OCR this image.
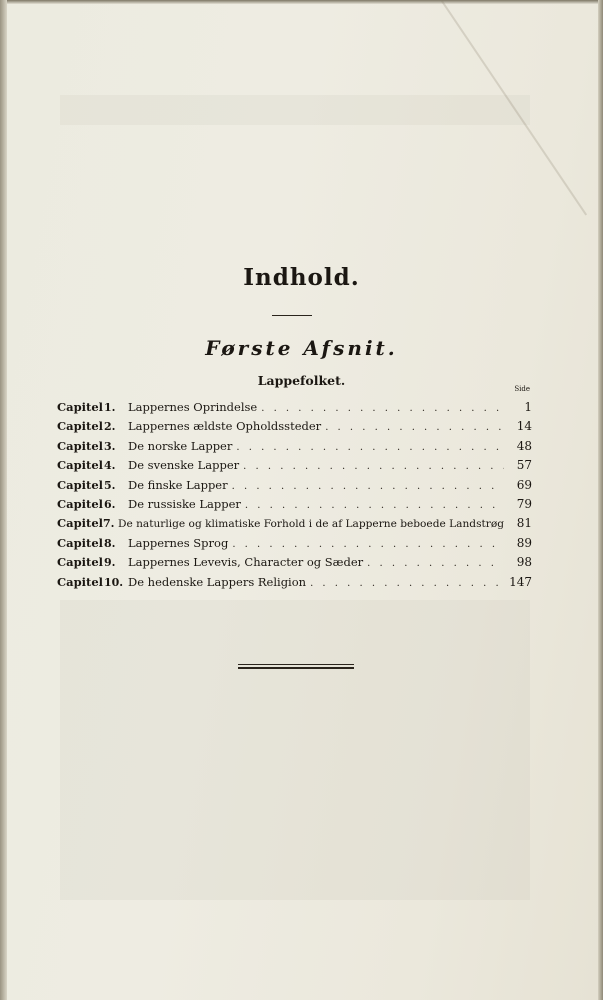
Indhold.
Første Afsnit.
Lappefolket.
Side
Capitel 1.	Lappernes Oprindelse . . .	1
Capitel 2.	Lappernes ældste Opholdssteder . . .	14
Capitel 3.	De norske Lapper . . .	48
Capitel 4.	De svenske Lapper . . .	57
Capitel 5.	De finske Lapper . . .	69
Capitel 6.	De russiske Lapper . . .	79
Capitel 7. De naturlige og klimatiske Forhold i de af Lapperne beboede Landstrøg	81
Capitel 8.	Lappernes Sprog . . .	89
Capitel 9.	Lappernes Levevis, Character og Sæder . . .	98
Capitel 10. De hedenske Lappers Religion . . .	147
